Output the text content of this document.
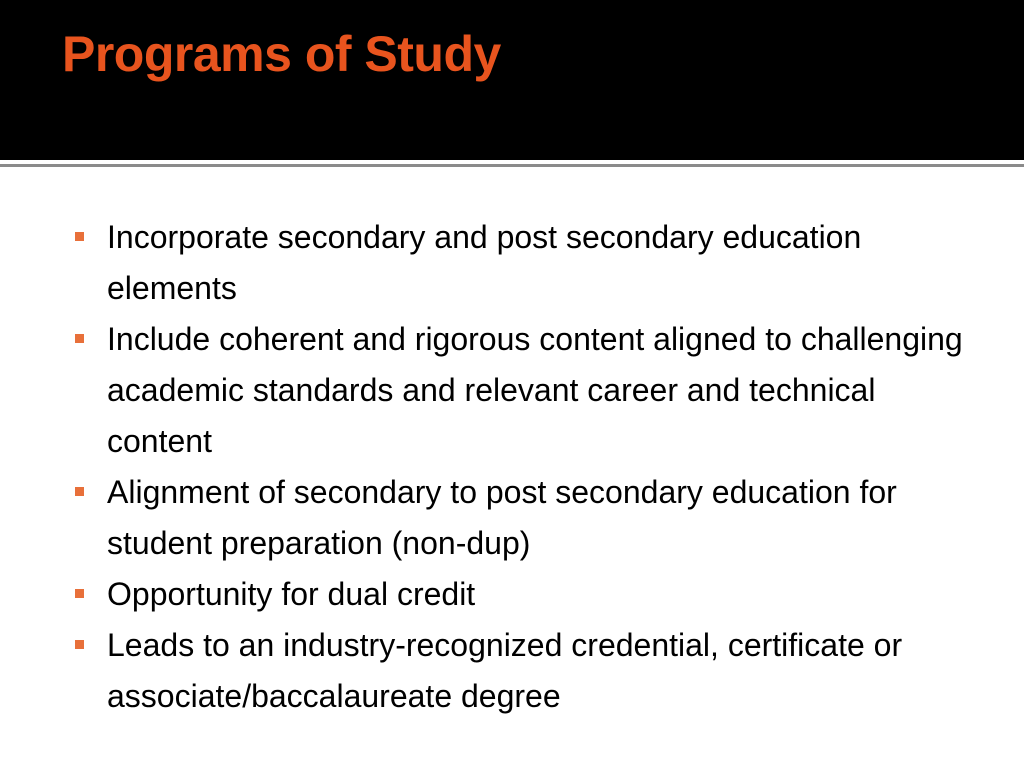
Programs of Study
Incorporate secondary and post secondary education elements
Include coherent and rigorous content aligned to challenging academic standards and relevant career and technical content
Alignment of secondary to post secondary education for student preparation (non-dup)
Opportunity for dual credit
Leads to an industry-recognized credential, certificate or associate/baccalaureate degree
